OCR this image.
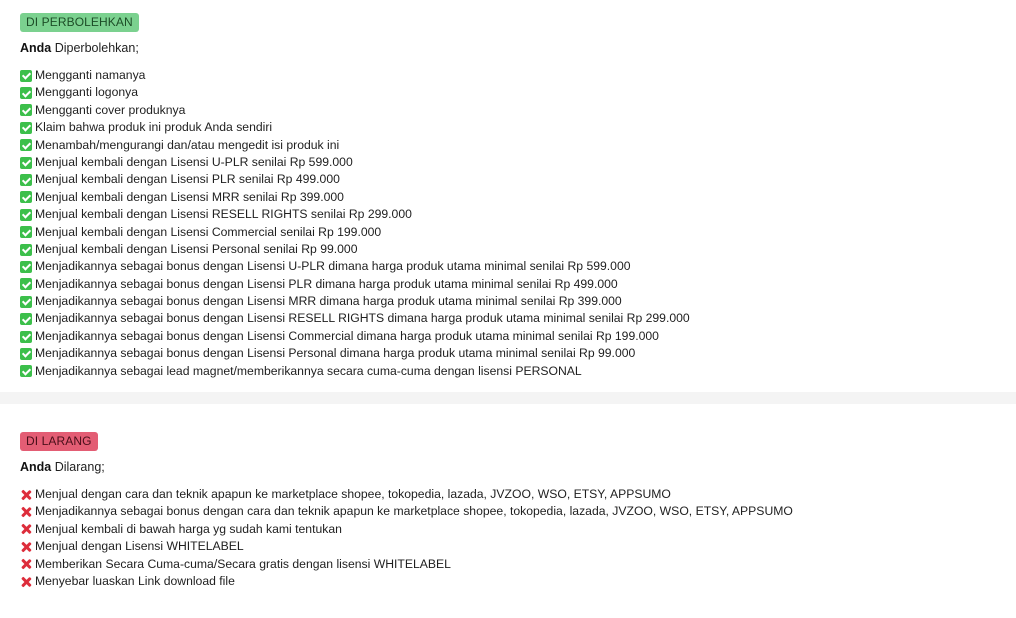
DI PERBOLEHKAN
Anda Diperbolehkan;
Mengganti namanya
Mengganti logonya
Mengganti cover produknya
Klaim bahwa produk ini produk Anda sendiri
Menambah/mengurangi dan/atau mengedit isi produk ini
Menjual kembali dengan Lisensi U-PLR senilai Rp 599.000
Menjual kembali dengan Lisensi PLR senilai Rp 499.000
Menjual kembali dengan Lisensi MRR senilai Rp 399.000
Menjual kembali dengan Lisensi RESELL RIGHTS senilai Rp 299.000
Menjual kembali dengan Lisensi Commercial senilai Rp 199.000
Menjual kembali dengan Lisensi Personal senilai Rp 99.000
Menjadikannya sebagai bonus dengan Lisensi U-PLR dimana harga produk utama minimal senilai Rp 599.000
Menjadikannya sebagai bonus dengan Lisensi PLR dimana harga produk utama minimal senilai Rp 499.000
Menjadikannya sebagai bonus dengan Lisensi MRR dimana harga produk utama minimal senilai Rp 399.000
Menjadikannya sebagai bonus dengan Lisensi RESELL RIGHTS dimana harga produk utama minimal senilai Rp 299.000
Menjadikannya sebagai bonus dengan Lisensi Commercial dimana harga produk utama minimal senilai Rp 199.000
Menjadikannya sebagai bonus dengan Lisensi Personal dimana harga produk utama minimal senilai Rp 99.000
Menjadikannya sebagai lead magnet/memberikannya secara cuma-cuma dengan lisensi PERSONAL
DI LARANG
Anda Dilarang;
Menjual dengan cara dan teknik apapun ke marketplace shopee, tokopedia, lazada, JVZOO, WSO, ETSY, APPSUMO
Menjadikannya sebagai bonus dengan cara dan teknik apapun ke marketplace shopee, tokopedia, lazada, JVZOO, WSO, ETSY, APPSUMO
Menjual kembali di bawah harga yg sudah kami tentukan
Menjual dengan Lisensi WHITELABEL
Memberikan Secara Cuma-cuma/Secara gratis dengan lisensi WHITELABEL
Menyebar luaskan Link download file
